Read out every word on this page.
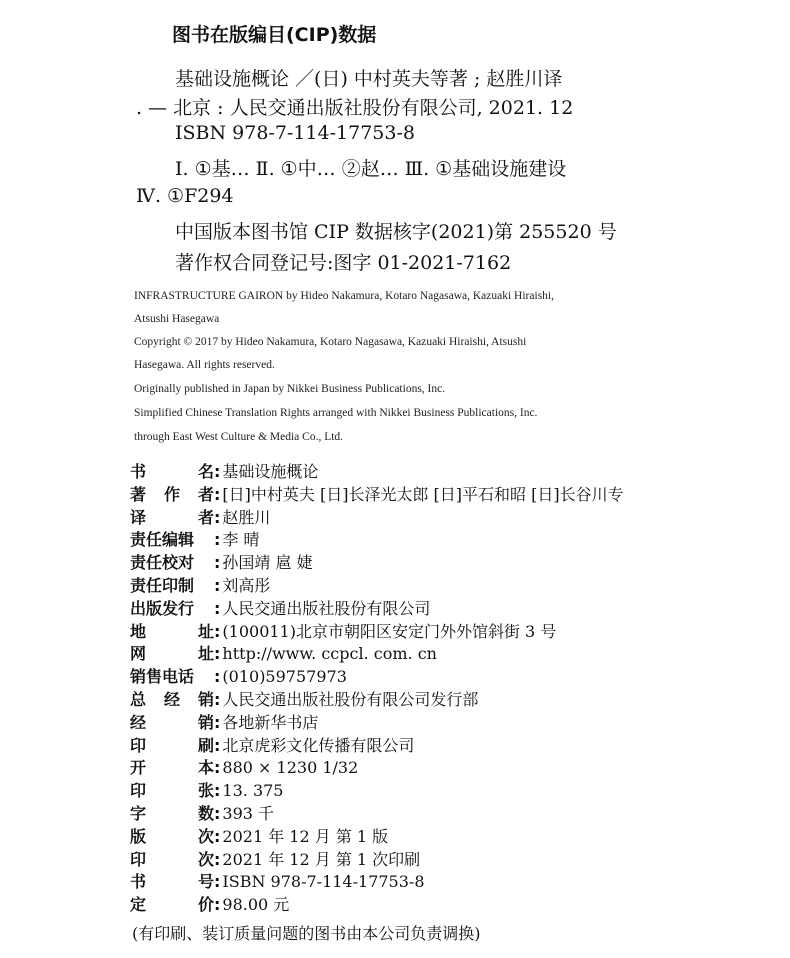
图书在版编目(CIP)数据
基础设施概论 ／(日) 中村英夫等著 ; 赵胜川译
. — 北京 : 人民交通出版社股份有限公司, 2021. 12
ISBN 978-7-114-17753-8
Ⅰ. ①基… Ⅱ. ①中… ②赵… Ⅲ. ①基础设施建设
Ⅳ. ①F294
中国版本图书馆 CIP 数据核字(2021)第 255520 号
著作权合同登记号:图字 01-2021-7162
INFRASTRUCTURE GAIRON by Hideo Nakamura, Kotaro Nagasawa, Kazuaki Hiraishi,
Atsushi Hasegawa
Copyright © 2017 by Hideo Nakamura, Kotaro Nagasawa, Kazuaki Hiraishi, Atsushi
Hasegawa. All rights reserved.
Originally published in Japan by Nikkei Business Publications, Inc.
Simplified Chinese Translation Rights arranged with Nikkei Business Publications, Inc.
through East West Culture & Media Co., Ltd.
书	名 : 基础设施概论
著 作 者 : [日]中村英夫 [日]长泽光太郎 [日]平石和昭 [日]长谷川专
译	者 : 赵胜川
责任编辑 : 李 晴
责任校对 : 孙国靖 扈 婕
责任印制 : 刘高彤
出版发行 : 人民交通出版社股份有限公司
地	址 : (100011)北京市朝阳区安定门外外馆斜街 3 号
网	址 : http://www. ccpcl. com. cn
销售电话 : (010)59757973
总 经 销 : 人民交通出版社股份有限公司发行部
经	销 : 各地新华书店
印	刷 : 北京虎彩文化传播有限公司
开	本 : 880 × 1230 1/32
印	张 : 13. 375
字	数 : 393 千
版	次 : 2021 年 12 月 第 1 版
印	次 : 2021 年 12 月 第 1 次印刷
书	号 : ISBN 978-7-114-17753-8
定	价 : 98.00 元
(有印刷、装订质量问题的图书由本公司负责调换)
